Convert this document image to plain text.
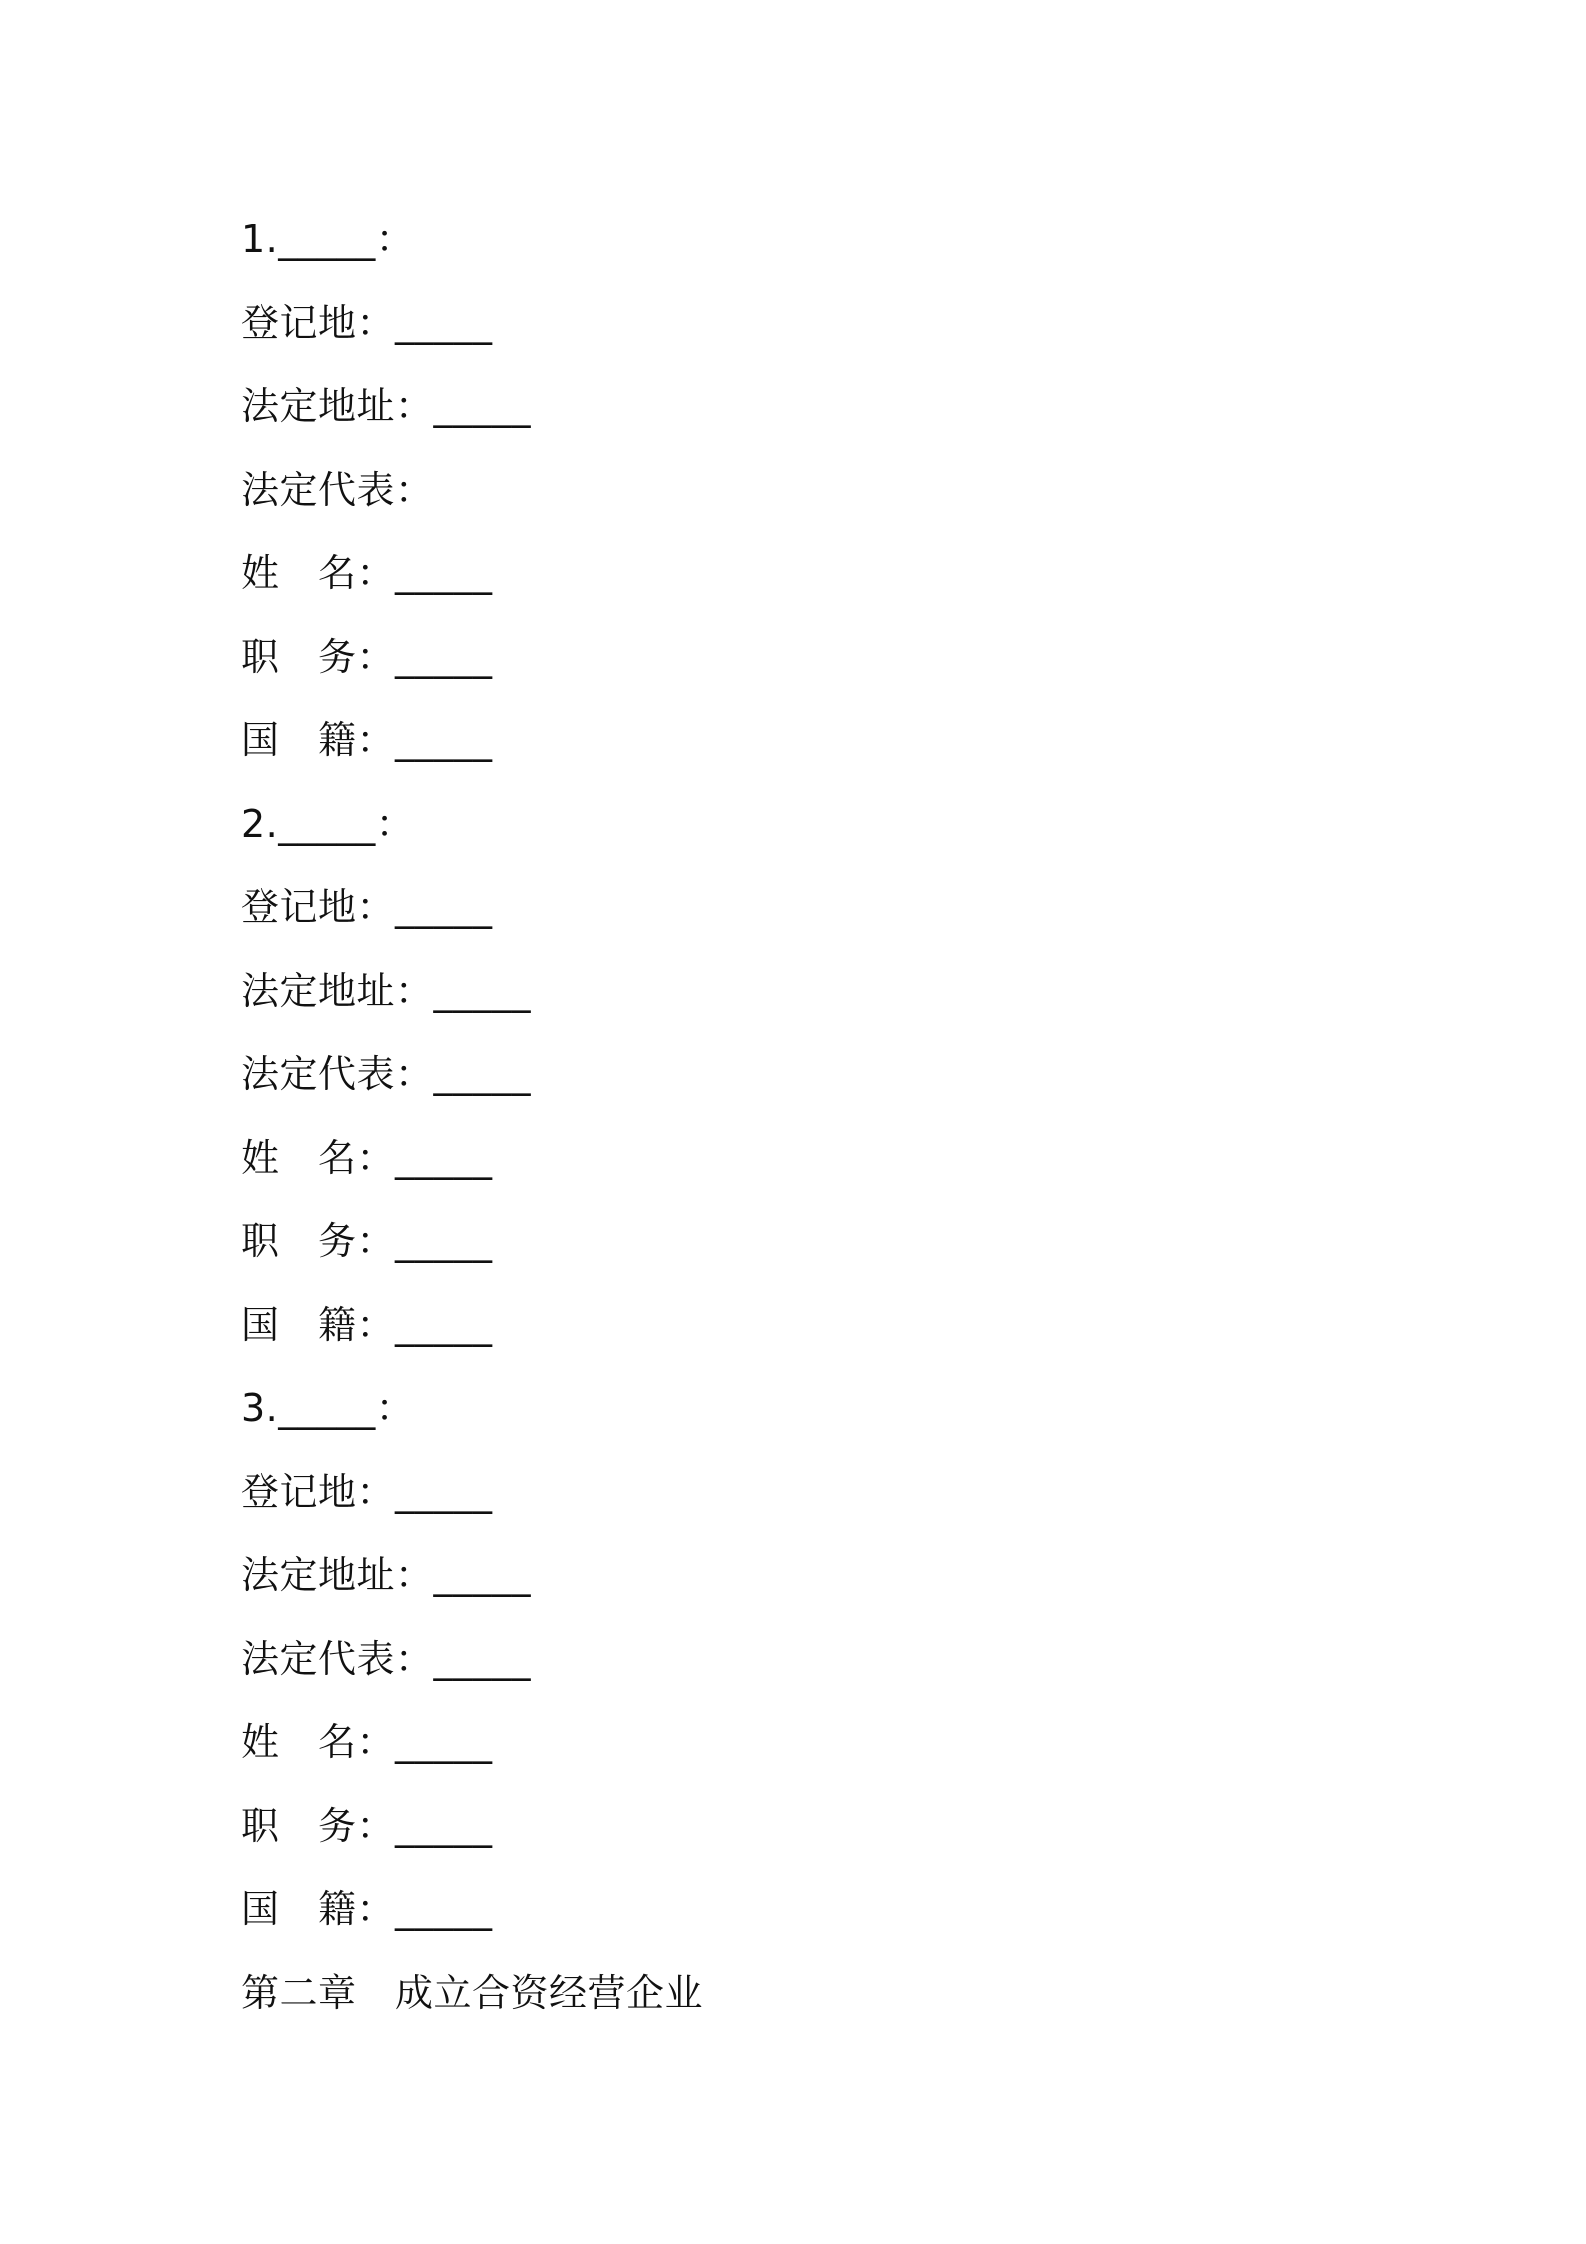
1._____：
登记地：_____
法定地址：_____
法定代表：
姓　名：_____
职　务：_____
国　籍：_____
2._____：
登记地：_____
法定地址：_____
法定代表：_____
姓　名：_____
职　务：_____
国　籍：_____
3._____：
登记地：_____
法定地址：_____
法定代表：_____
姓　名：_____
职　务：_____
国　籍：_____
第二章　成立合资经营企业
